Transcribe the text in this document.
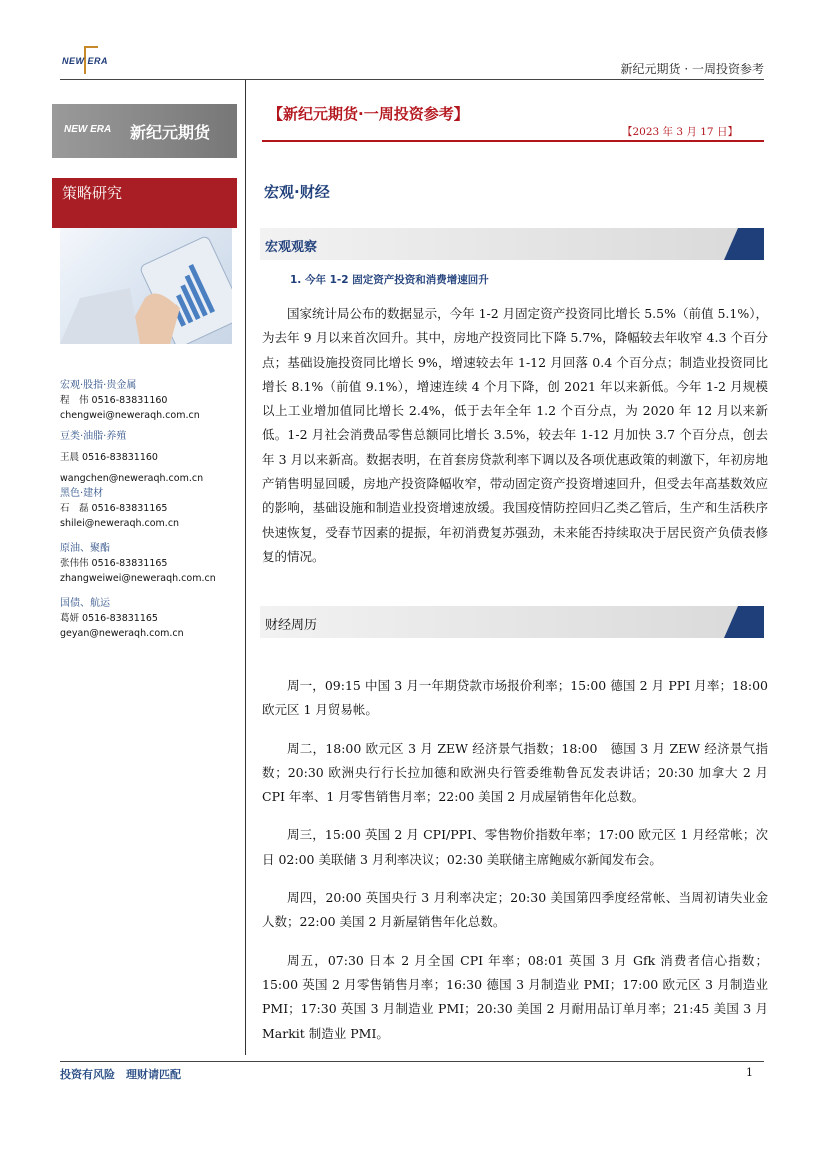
NEW ERA
新纪元期货 · 一周投资参考
NEW ERA 新纪元期货
策略研究
宏观·股指·贵金属
程　伟 0516-83831160
chengwei@neweraqh.com.cn
豆类·油脂·养殖
王晨 0516-83831160
wangchen@neweraqh.com.cn
黑色·建材
石　磊 0516-83831165
shilei@neweraqh.com.cn
原油、聚酯
张伟伟 0516-83831165
zhangweiwei@neweraqh.com.cn
国债、航运
葛妍 0516-83831165
geyan@neweraqh.com.cn
【新纪元期货·一周投资参考】
【2023 年 3 月 17 日】
宏观·财经
宏观观察
1. 今年 1-2 固定资产投资和消费增速回升
国家统计局公布的数据显示，今年 1-2 月固定资产投资同比增长 5.5%（前值 5.1%），为去年 9 月以来首次回升。其中，房地产投资同比下降 5.7%，降幅较去年收窄 4.3 个百分点；基础设施投资同比增长 9%，增速较去年 1-12 月回落 0.4 个百分点；制造业投资同比增长 8.1%（前值 9.1%），增速连续 4 个月下降，创 2021 年以来新低。今年 1-2 月规模以上工业增加值同比增长 2.4%，低于去年全年 1.2 个百分点，为 2020 年 12 月以来新低。1-2 月社会消费品零售总额同比增长 3.5%，较去年 1-12 月加快 3.7 个百分点，创去年 3 月以来新高。数据表明，在首套房贷款利率下调以及各项优惠政策的刺激下，年初房地产销售明显回暖，房地产投资降幅收窄，带动固定资产投资增速回升，但受去年高基数效应的影响，基础设施和制造业投资增速放缓。我国疫情防控回归乙类乙管后，生产和生活秩序快速恢复，受春节因素的提振，年初消费复苏强劲，未来能否持续取决于居民资产负债表修复的情况。
财经周历

周一，09:15 中国 3 月一年期贷款市场报价利率；15:00 德国 2 月 PPI 月率；18:00 欧元区 1 月贸易帐。

周二，18:00 欧元区 3 月 ZEW 经济景气指数；18:00　德国 3 月 ZEW 经济景气指数；20:30 欧洲央行行长拉加德和欧洲央行管委维勒鲁瓦发表讲话；20:30 加拿大 2 月 CPI 年率、1 月零售销售月率；22:00 美国 2 月成屋销售年化总数。

周三，15:00 英国 2 月 CPI/PPI、零售物价指数年率；17:00 欧元区 1 月经常帐；次日 02:00 美联储 3 月利率决议；02:30 美联储主席鲍威尔新闻发布会。

周四，20:00 英国央行 3 月利率决定；20:30 美国第四季度经常帐、当周初请失业金人数；22:00 美国 2 月新屋销售年化总数。

周五，07:30 日本 2 月全国 CPI 年率；08:01 英国 3 月 Gfk 消费者信心指数；15:00 英国 2 月零售销售月率；16:30 德国 3 月制造业 PMI；17:00 欧元区 3 月制造业 PMI；17:30 英国 3 月制造业 PMI；20:30 美国 2 月耐用品订单月率；21:45 美国 3 月 Markit 制造业 PMI。

投资有风险　理财请匹配	1
